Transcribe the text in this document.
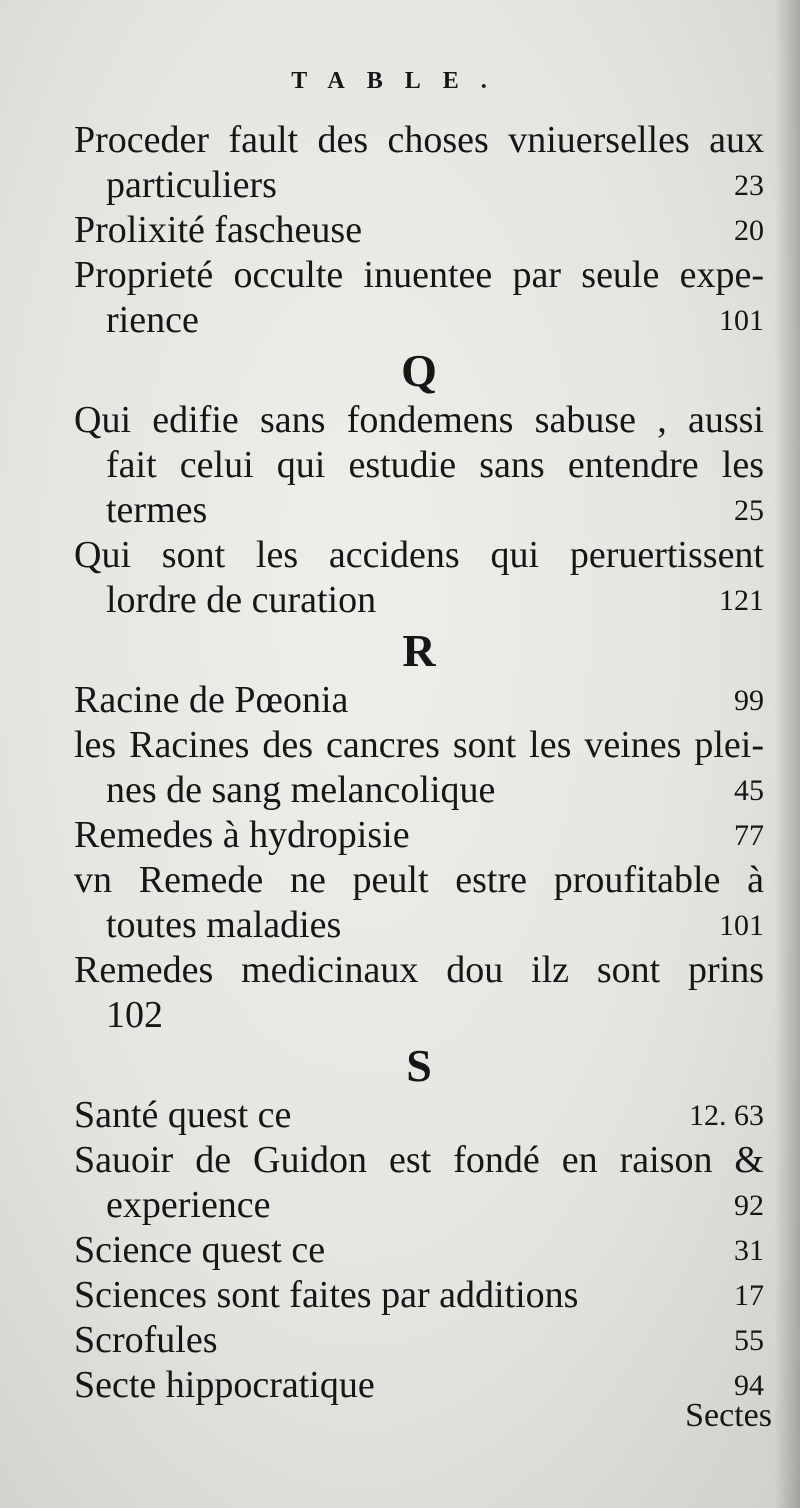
TABLE.
Proceder fault des choses vniuerselles aux
particuliers	23
Prolixité fascheuse	20
Proprieté occulte inuentee par seule expe-
rience	101
Q
Qui edifie sans fondemens sabuse , aussi
fait celui qui estudie sans entendre les
termes	25
Qui sont les accidens qui peruertissent
lordre de curation	121
R
Racine de Pœonia	99
les Racines des cancres sont les veines plei-
nes de sang melancolique	45
Remedes à hydropisie	77
vn Remede ne peult estre proufitable à
toutes maladies	101
Remedes medicinaux dou ilz sont prins
102
S
Santé quest ce	12. 63
Sauoir de Guidon est fondé en raison &
experience	92
Science quest ce	31
Sciences sont faites par additions	17
Scrofules	55
Secte hippocratique	94
Sectes
